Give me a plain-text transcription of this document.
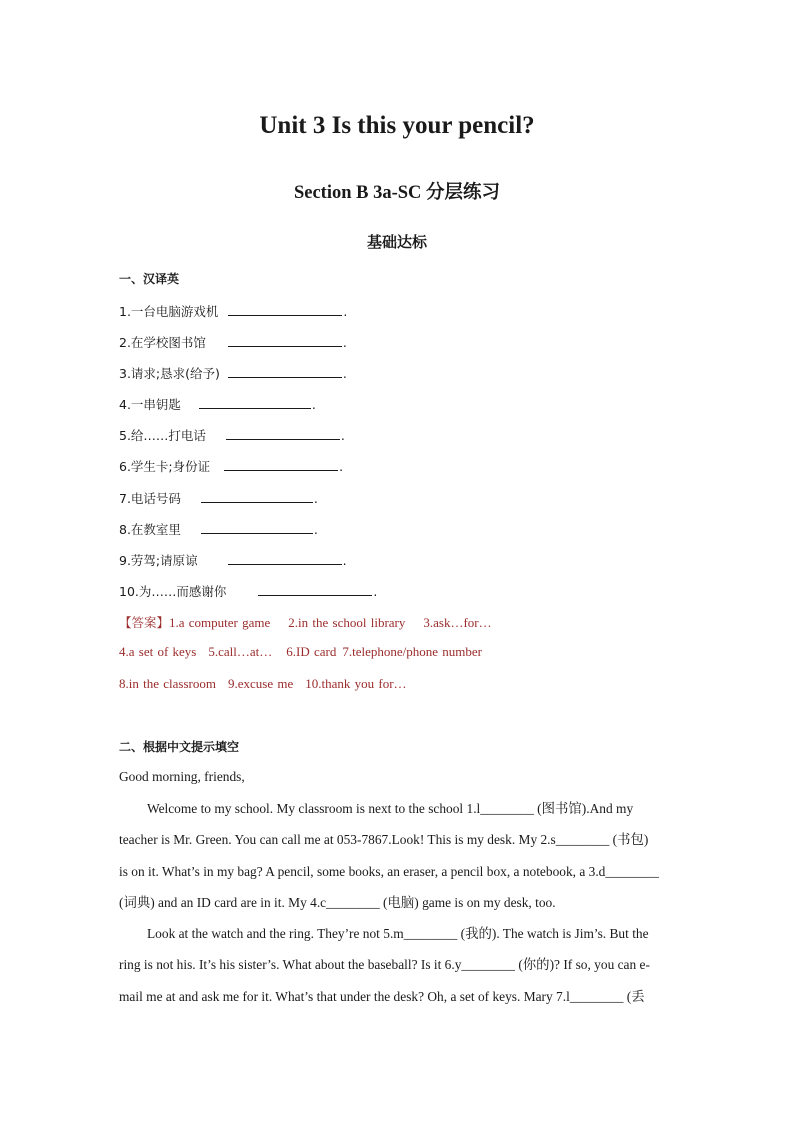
Unit 3 Is this your pencil?
Section B 3a-SC 分层练习
基础达标
一、汉译英
1.一台电脑游戏机	.
2.在学校图书馆	.
3.请求;恳求(给予)	.
4.一串钥匙	.
5.给……打电话	.
6.学生卡;身份证	.
7.电话号码	.
8.在教室里	.
9.劳驾;请原谅	.
10.为……而感谢你	.
【答案】1.a computer game 2.in the school library 3.ask…for…
4.a set of keys 5.call…at… 6.ID card 7.telephone/phone number
8.in the classroom 9.excuse me 10.thank you for…
二、根据中文提示填空
Good morning, friends,
Welcome to my school. My classroom is next to the school 1.l________ (图书馆).And my
teacher is Mr. Green. You can call me at 053-7867.Look! This is my desk. My 2.s________ (书包)
is on it. What’s in my bag? A pencil, some books, an eraser, a pencil box, a notebook, a 3.d________
(词典) and an ID card are in it. My 4.c________ (电脑) game is on my desk, too.
Look at the watch and the ring. They’re not 5.m________ (我的). The watch is Jim’s. But the
ring is not his. It’s his sister’s. What about the baseball? Is it 6.y________ (你的)? If so, you can e-
mail me at and ask me for it. What’s that under the desk? Oh, a set of keys. Mary 7.l________ (丢
